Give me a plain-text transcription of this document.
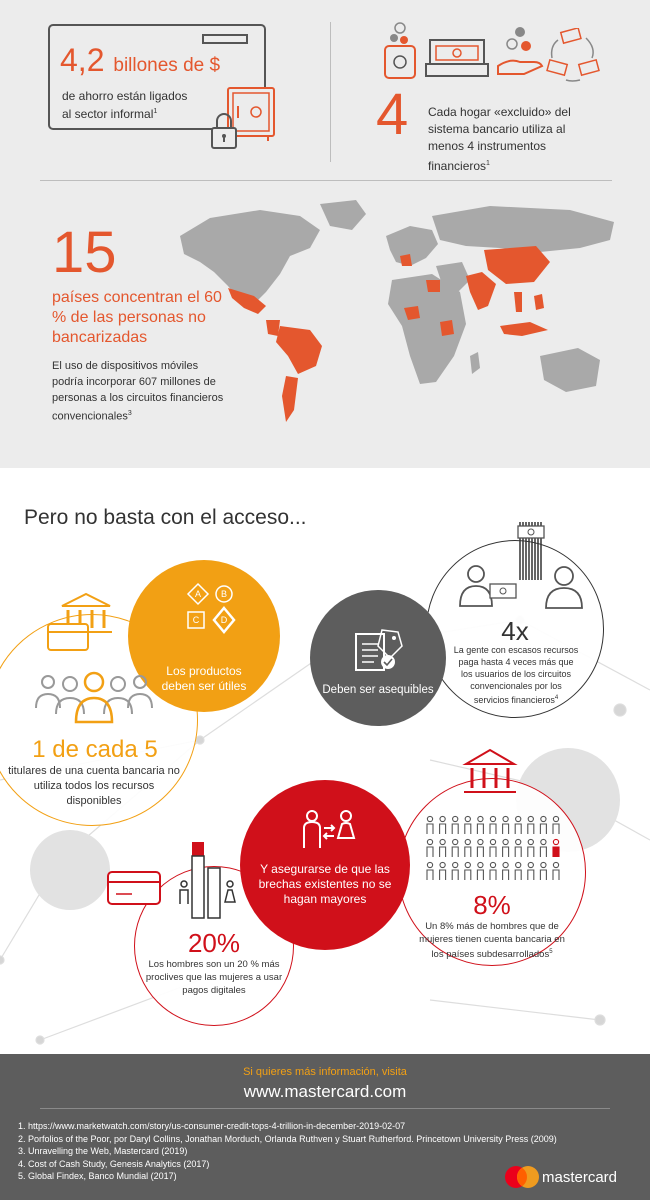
4,2 billones de $
de ahorro están ligados al sector informal$^1$	4 Cada hogar «excluido» del sistema bancario utiliza al menos 4 instrumentos financieros$^1$
15
países concentran el 60 % de las personas no bancarizadas
El uso de dispositivos móviles podría incorporar 607 millones de personas a los circuitos financieros convencionales$^3$
Pero no basta con el acceso...
1 de cada 5
titulares de una cuenta bancaria no utiliza todos los recursos disponibles
A B
C D
Los productos deben ser útiles	Deben ser asequibles
4x
La gente con escasos recursos paga hasta 4 veces más que los usuarios de los circuitos convencionales por los servicios financieros$^4$
Y asegurarse de que las brechas existentes no se hagan mayores	8%
Un 8% más de hombres que de mujeres tienen cuenta bancaria en los países subdesarrollados$^5$
20%
Los hombres son un 20 % más proclives que las mujeres a usar pagos digitales
Si quieres más información, visita
www.mastercard.com
1. https://www.marketwatch.com/story/us-consumer-credit-tops-4-trillion-in-december-2019-02-07
2. Porfolios of the Poor, por Daryl Collins, Jonathan Morduch, Orlanda Ruthven y Stuart Rutherford. Princetown University Press (2009)
3. Unravelling the Web, Mastercard (2019)
4. Cost of Cash Study, Genesis Analytics (2017)
5. Global Findex, Banco Mundial (2017)	mastercard
